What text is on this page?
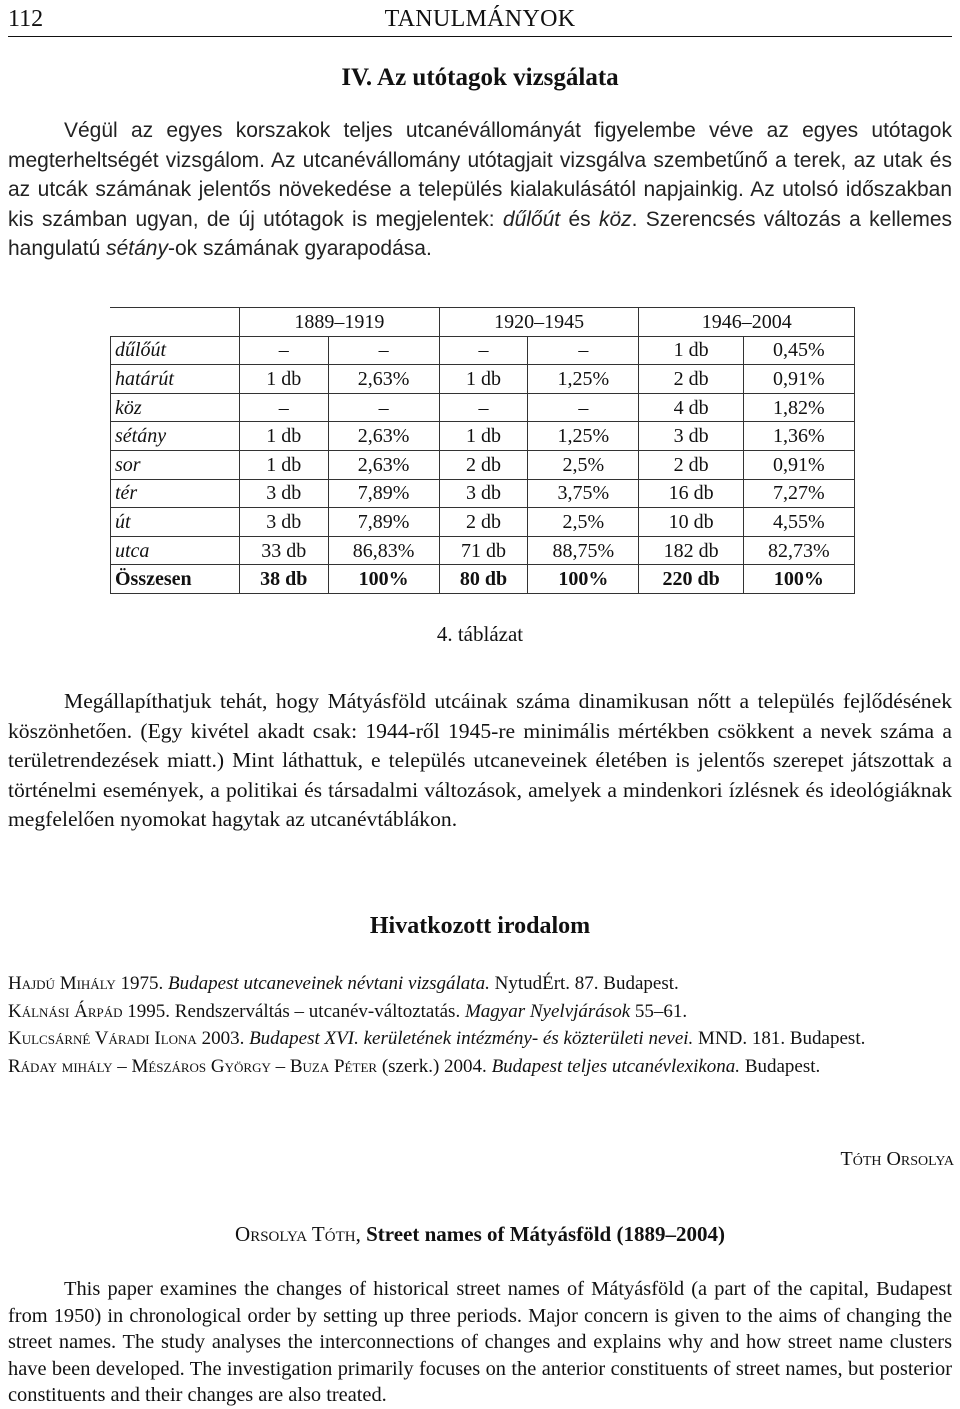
112	TANULMÁNYOK
IV. Az utótagok vizsgálata
Végül az egyes korszakok teljes utcanévállományát figyelembe véve az egyes utótagok megterheltségét vizsgálom. Az utcanévállomány utótagjait vizsgálva szembetűnő a terek, az utak és az utcák számának jelentős növekedése a település kialakulásától napjainkig. Az utolsó időszakban kis számban ugyan, de új utótagok is megjelentek: dűlőút és köz. Szerencsés változás a kellemes hangulatú sétány-ok számának gyarapodása.
	1889–1919		1920–1945		1946–2004	
dűlőút	–	–	–	–	1 db	0,45%
határút	1 db	2,63%	1 db	1,25%	2 db	0,91%
köz	–	–	–	–	4 db	1,82%
sétány	1 db	2,63%	1 db	1,25%	3 db	1,36%
sor	1 db	2,63%	2 db	2,5%	2 db	0,91%
tér	3 db	7,89%	3 db	3,75%	16 db	7,27%
út	3 db	7,89%	2 db	2,5%	10 db	4,55%
utca	33 db	86,83%	71 db	88,75%	182 db	82,73%
Összesen	38 db	100%	80 db	100%	220 db	100%
4. táblázat
Megállapíthatjuk tehát, hogy Mátyásföld utcáinak száma dinamikusan nőtt a település fejlődésének köszönhetően. (Egy kivétel akadt csak: 1944-ről 1945-re minimális mértékben csökkent a nevek száma a területrendezések miatt.) Mint láthattuk, e település utcaneveinek életében is jelentős szerepet játszottak a történelmi események, a politikai és társadalmi változások, amelyek a mindenkori ízlésnek és ideológiáknak megfelelően nyomokat hagytak az utcanévtáblákon.
Hivatkozott irodalom
Hajdú Mihály 1975. Budapest utcaneveinek névtani vizsgálata. NytudÉrt. 87. Budapest.
Kálnási Árpád 1995. Rendszerváltás – utcanév-változtatás. Magyar Nyelvjárások 55–61.
Kulcsárné Váradi Ilona 2003. Budapest XVI. kerületének intézmény- és közterületi nevei. MND. 181. Budapest.
Ráday mihály – Mészáros György – Buza Péter (szerk.) 2004. Budapest teljes utcanévlexikona. Budapest.
Tóth Orsolya
Orsolya Tóth, Street names of Mátyásföld (1889–2004)
This paper examines the changes of historical street names of Mátyásföld (a part of the capital, Budapest from 1950) in chronological order by setting up three periods. Major concern is given to the aims of changing the street names. The study analyses the interconnections of changes and explains why and how street name clusters have been developed. The investigation primarily focuses on the anterior constituents of street names, but posterior constituents and their changes are also treated.
